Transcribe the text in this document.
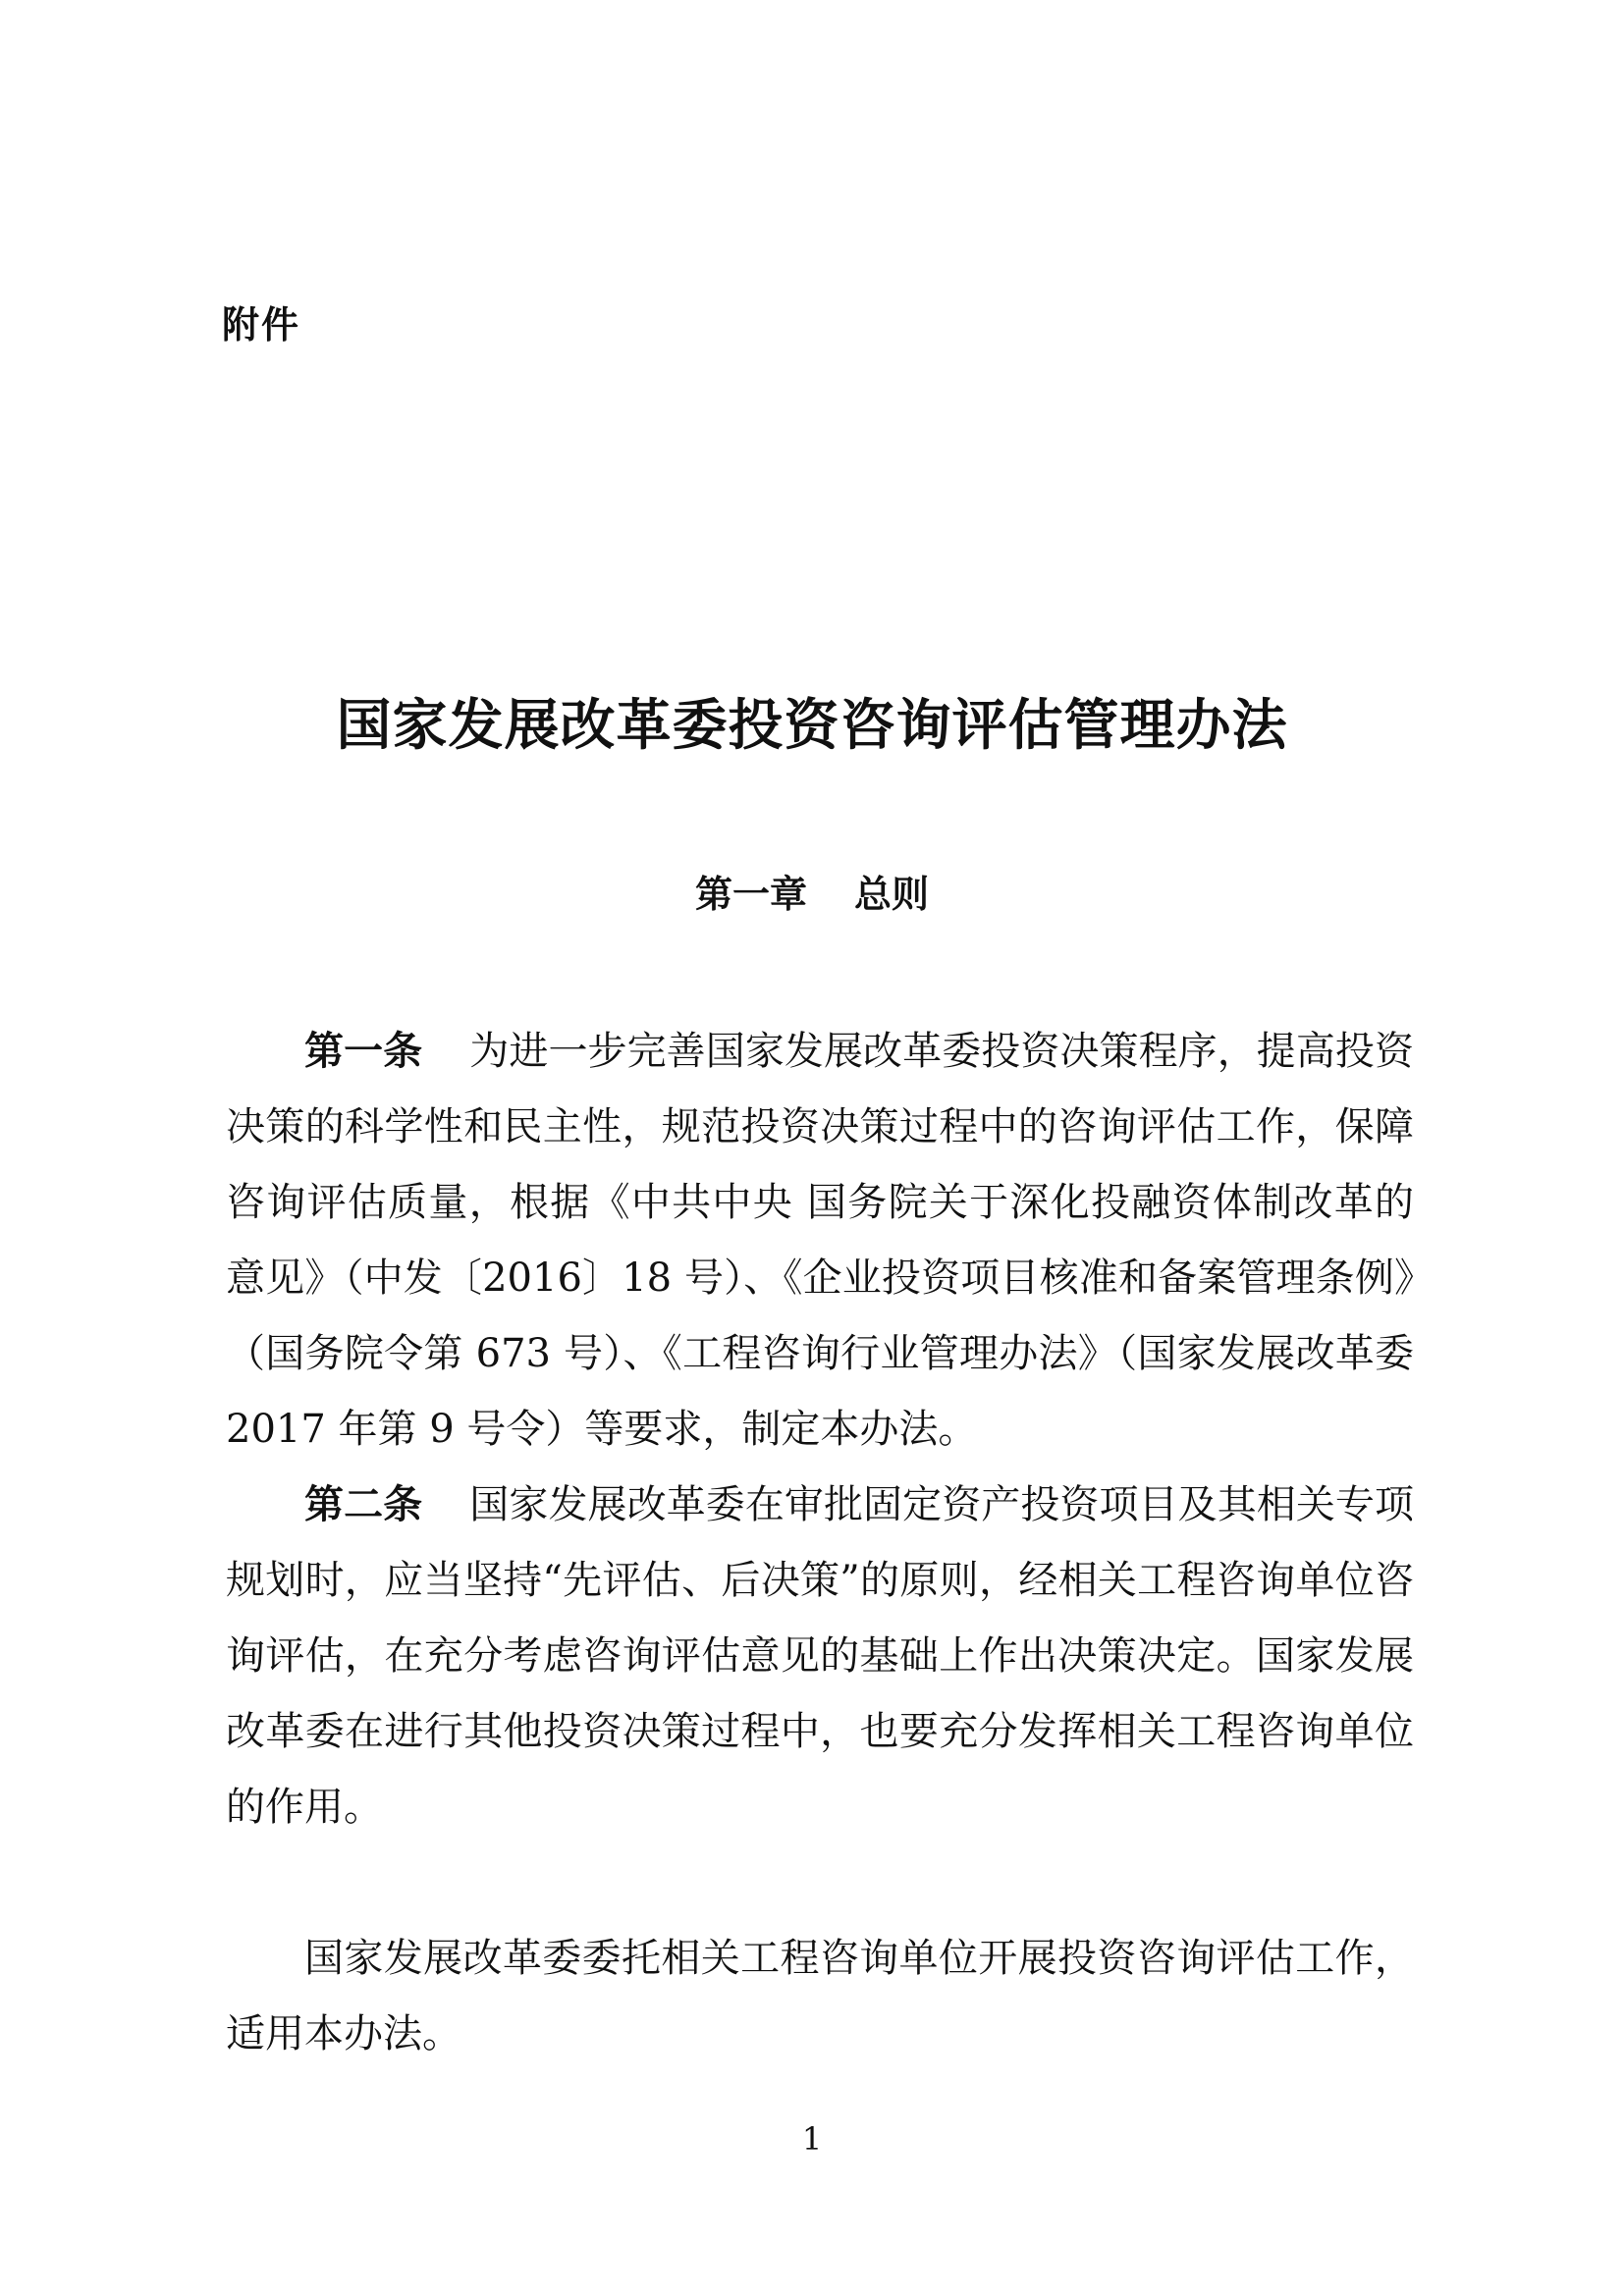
附件
国家发展改革委投资咨询评估管理办法
第一章 总则

第一条 为进一步完善国家发展改革委投资决策程序，提高投资决策的科学性和民主性，规范投资决策过程中的咨询评估工作，保障咨询评估质量，根据《中共中央 国务院关于深化投融资体制改革的意见》（中发〔2016〕18 号）、《企业投资项目核准和备案管理条例》（国务院令第 673 号）、《工程咨询行业管理办法》（国家发展改革委 2017 年第 9 号令）等要求，制定本办法。

第二条 国家发展改革委在审批固定资产投资项目及其相关专项规划时，应当坚持“先评估、后决策”的原则，经相关工程咨询单位咨询评估，在充分考虑咨询评估意见的基础上作出决策决定。国家发展改革委在进行其他投资决策过程中，也要充分发挥相关工程咨询单位的作用。

国家发展改革委委托相关工程咨询单位开展投资咨询评估工作，适用本办法。

1
